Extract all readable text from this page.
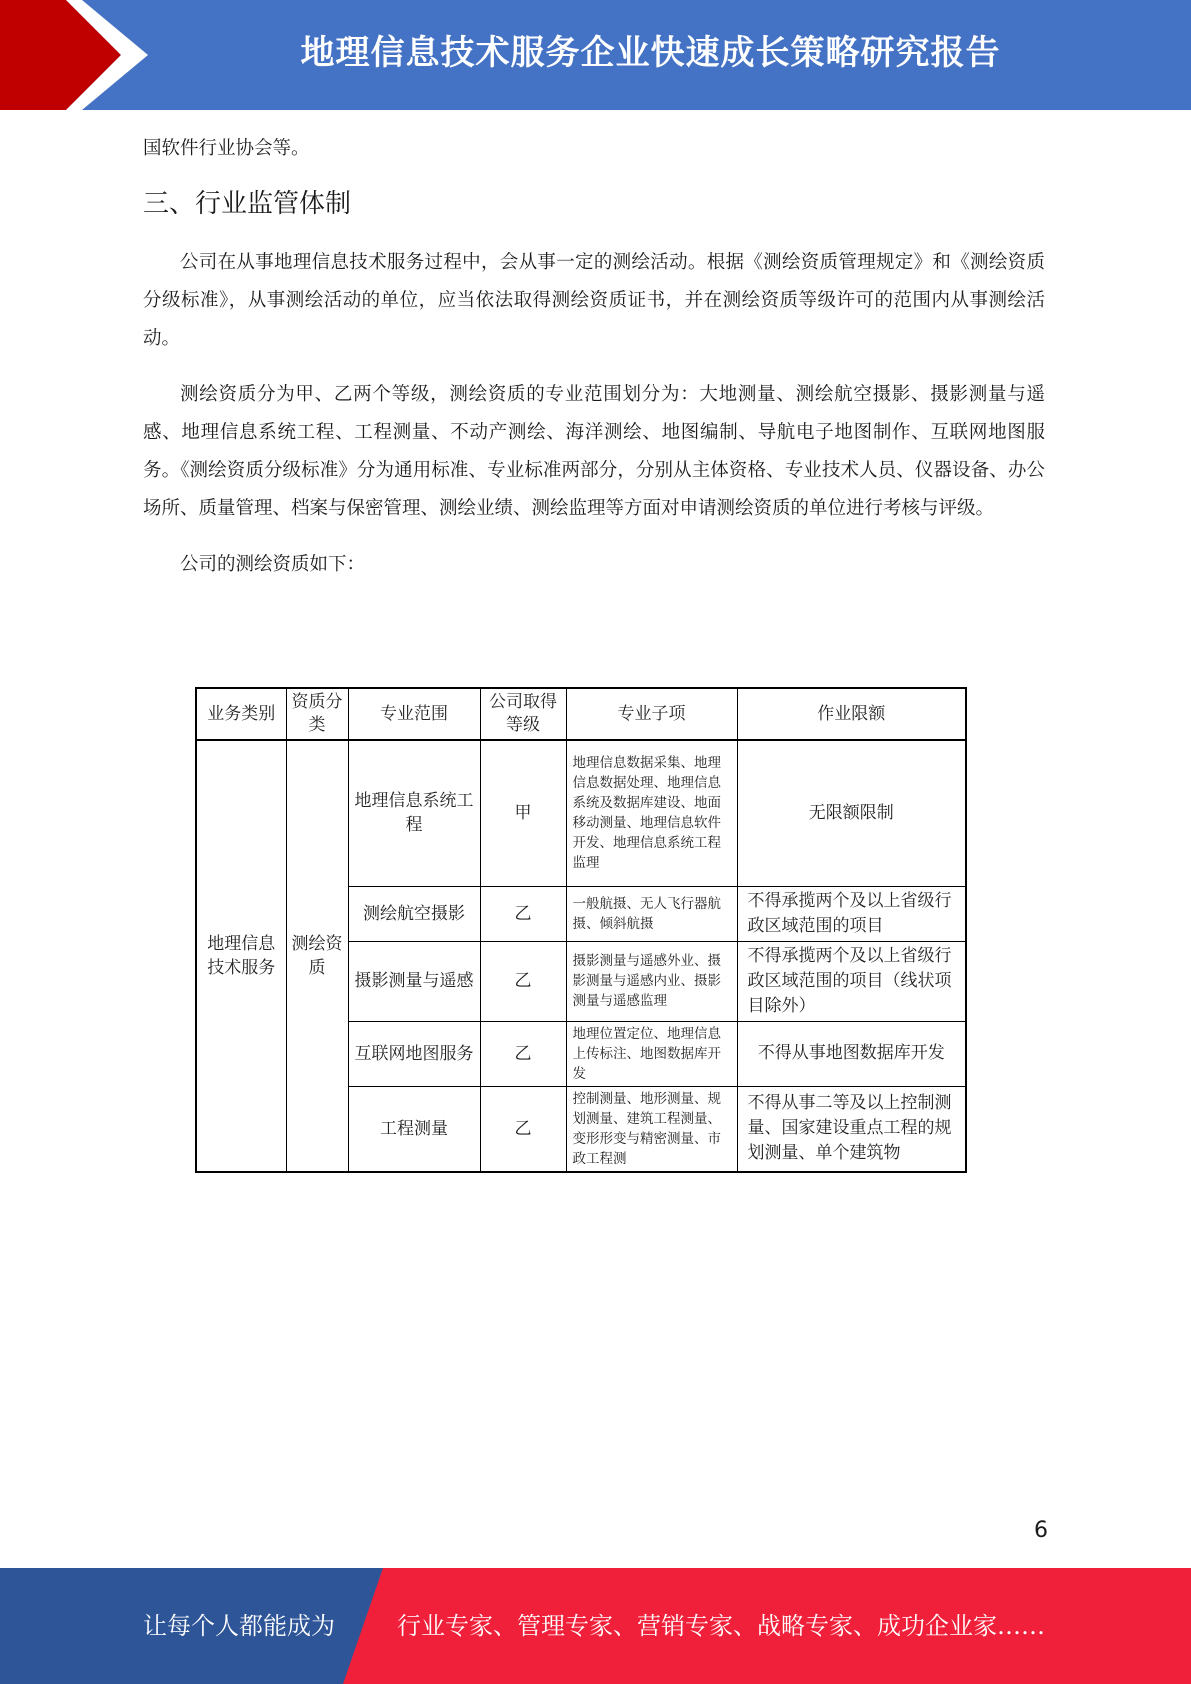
地理信息技术服务企业快速成长策略研究报告

国软件行业协会等。

三、行业监管体制

公司在从事地理信息技术服务过程中，会从事一定的测绘活动。根据《测绘资质管理规定》和《测绘资质分级标准》，从事测绘活动的单位，应当依法取得测绘资质证书，并在测绘资质等级许可的范围内从事测绘活动。

测绘资质分为甲、乙两个等级，测绘资质的专业范围划分为：大地测量、测绘航空摄影、摄影测量与遥感、地理信息系统工程、工程测量、不动产测绘、海洋测绘、地图编制、导航电子地图制作、互联网地图服务。《测绘资质分级标准》分为通用标准、专业标准两部分，分别从主体资格、专业技术人员、仪器设备、办公场所、质量管理、档案与保密管理、测绘业绩、测绘监理等方面对申请测绘资质的单位进行考核与评级。

公司的测绘资质如下：

业务类别	资质分类	专业范围	公司取得等级	专业子项	作业限额
地理信息技术服务	测绘资质	地理信息系统工程	甲	地理信息数据采集、地理信息数据处理、地理信息系统及数据库建设、地面移动测量、地理信息软件开发、地理信息系统工程监理	无限额限制
		测绘航空摄影	乙	一般航摄、无人飞行器航摄、倾斜航摄	不得承揽两个及以上省级行政区域范围的项目
		摄影测量与遥感	乙	摄影测量与遥感外业、摄影测量与遥感内业、摄影测量与遥感监理	不得承揽两个及以上省级行政区域范围的项目（线状项目除外）
		互联网地图服务	乙	地理位置定位、地理信息上传标注、地图数据库开发	不得从事地图数据库开发
		工程测量	乙	控制测量、地形测量、规划测量、建筑工程测量、变形形变与精密测量、市政工程测	不得从事二等及以上控制测量、国家建设重点工程的规划测量、单个建筑物
6
让每个人都能成为	行业专家、管理专家、营销专家、战略专家、成功企业家……
